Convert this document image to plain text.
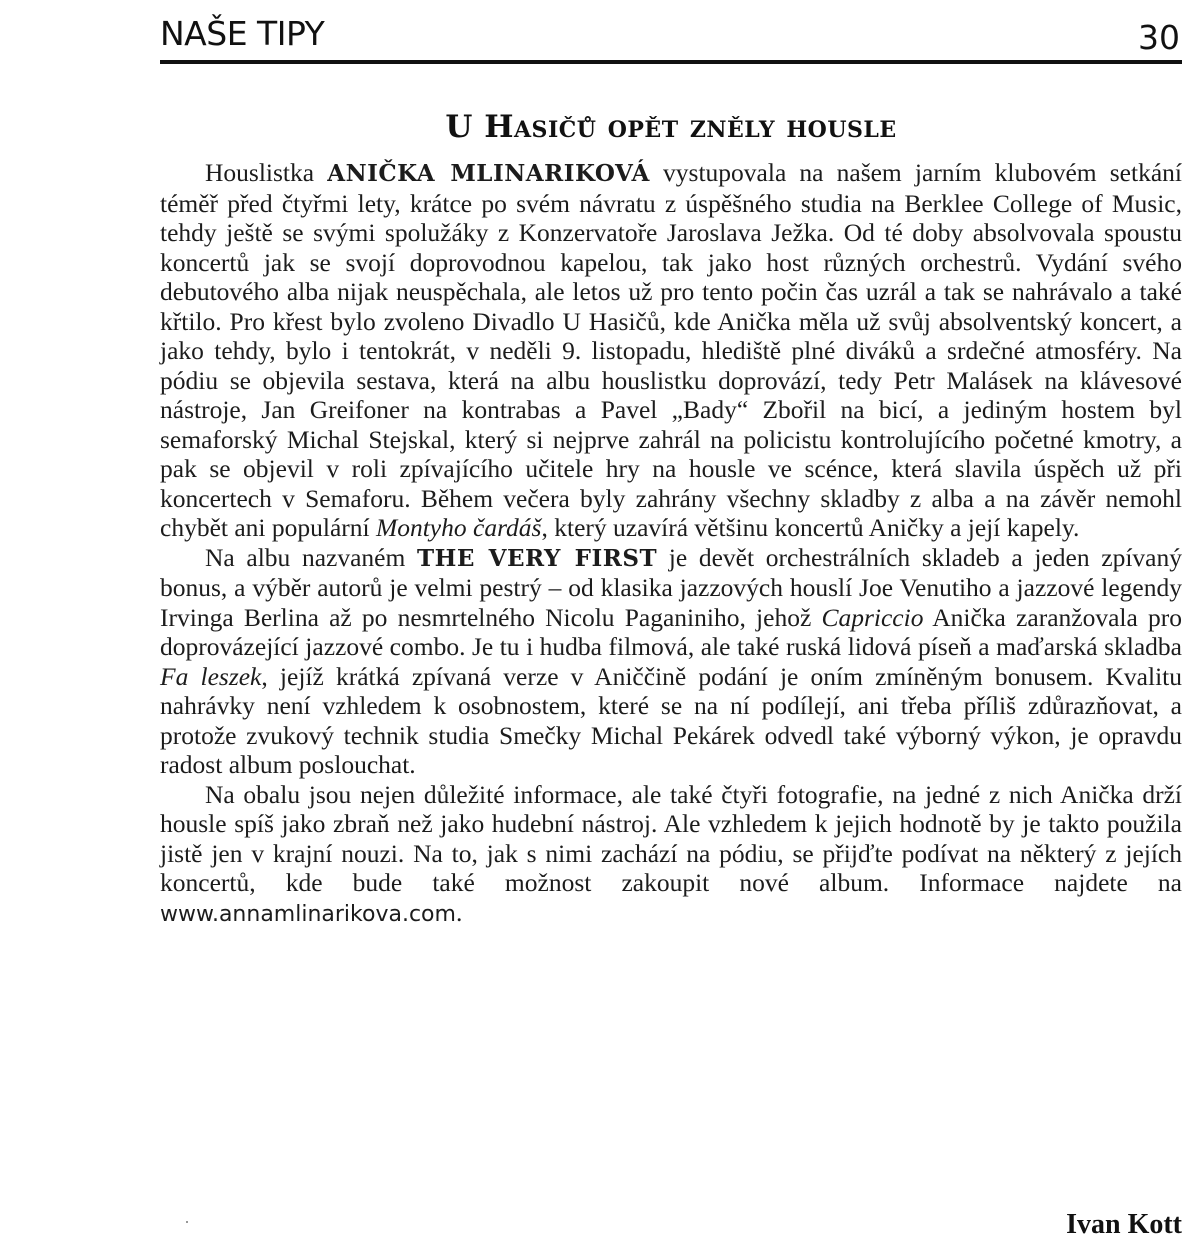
NAŠE TIPY	30
U Hasičů opět zněly housle

Houslistka ANIČKA MLINARIKOVÁ vystupovala na našem jarním klubovém setkání téměř před čtyřmi lety, krátce po svém návratu z úspěšného studia na Berklee College of Music, tehdy ještě se svými spolužáky z Konzervatoře Jaroslava Ježka. Od té doby absolvovala spoustu koncertů jak se svojí doprovodnou kapelou, tak jako host různých orchestrů. Vydání svého debutového alba nijak neuspěchala, ale letos už pro tento počin čas uzrál a tak se nahrávalo a také křtilo. Pro křest bylo zvoleno Divadlo U Hasičů, kde Anička měla už svůj absolventský koncert, a jako tehdy, bylo i tentokrát, v neděli 9. listopadu, hlediště plné diváků a srdečné atmosféry. Na pódiu se objevila sestava, která na albu houslistku doprovází, tedy Petr Malásek na klávesové nástroje, Jan Greifoner na kontrabas a Pavel „Bady“ Zbořil na bicí, a jediným hostem byl semaforský Michal Stejskal, který si nejprve zahrál na policistu kontrolujícího početné kmotry, a pak se objevil v roli zpívajícího učitele hry na housle ve scénce, která slavila úspěch už při koncertech v Semaforu. Během večera byly zahrány všechny skladby z alba a na závěr nemohl chybět ani populární Montyho čardáš, který uzavírá většinu koncertů Aničky a její kapely.

Na albu nazvaném THE VERY FIRST je devět orchestrálních skladeb a jeden zpívaný bonus, a výběr autorů je velmi pestrý – od klasika jazzových houslí Joe Venutiho a jazzové legendy Irvinga Berlina až po nesmrtelného Nicolu Paganiniho, jehož Capriccio Anička zaranžovala pro doprovázející jazzové combo. Je tu i hudba filmová, ale také ruská lidová píseň a maďarská skladba Fa leszek, jejíž krátká zpívaná verze v Aniččině podání je oním zmíněným bonusem. Kvalitu nahrávky není vzhledem k osobnostem, které se na ní podílejí, ani třeba příliš zdůrazňovat, a protože zvukový technik studia Smečky Michal Pekárek odvedl také výborný výkon, je opravdu radost album poslouchat.

Na obalu jsou nejen důležité informace, ale také čtyři fotografie, na jedné z nich Anička drží housle spíš jako zbraň než jako hudební nástroj. Ale vzhledem k jejich hodnotě by je takto použila jistě jen v krajní nouzi. Na to, jak s nimi zachází na pódiu, se přijďte podívat na některý z jejích koncertů, kde bude také možnost zakoupit nové album. Informace najdete na www.annamlinarikova.com.

Ivan Kott
